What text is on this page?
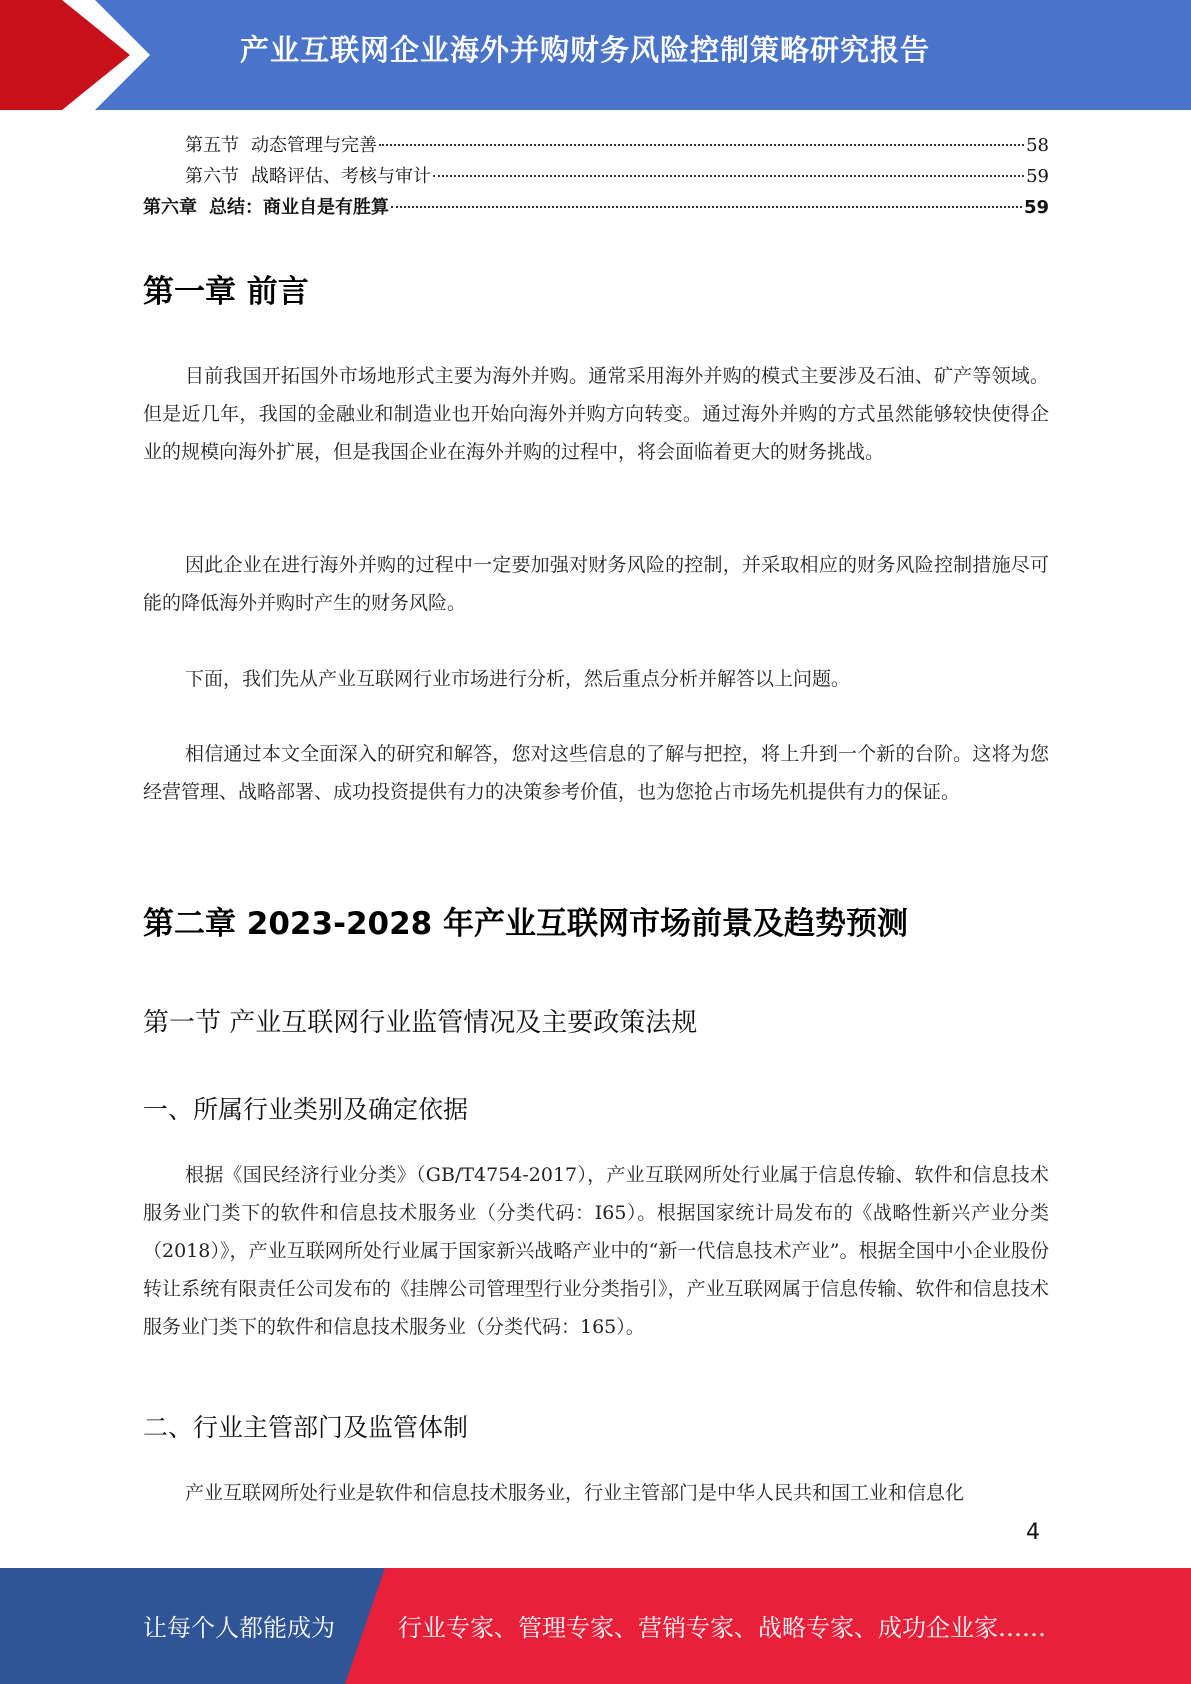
产业互联网企业海外并购财务风险控制策略研究报告
第五节 动态管理与完善	58
第六节 战略评估、考核与审计	59
第六章 总结：商业自是有胜算	59
第一章 前言

目前我国开拓国外市场地形式主要为海外并购。通常采用海外并购的模式主要涉及石油、矿产等领域。但是近几年，我国的金融业和制造业也开始向海外并购方向转变。通过海外并购的方式虽然能够较快使得企业的规模向海外扩展，但是我国企业在海外并购的过程中，将会面临着更大的财务挑战。

因此企业在进行海外并购的过程中一定要加强对财务风险的控制，并采取相应的财务风险控制措施尽可能的降低海外并购时产生的财务风险。

下面，我们先从产业互联网行业市场进行分析，然后重点分析并解答以上问题。

相信通过本文全面深入的研究和解答，您对这些信息的了解与把控，将上升到一个新的台阶。这将为您经营管理、战略部署、成功投资提供有力的决策参考价值，也为您抢占市场先机提供有力的保证。

第二章 2023-2028 年产业互联网市场前景及趋势预测
第一节 产业互联网行业监管情况及主要政策法规
一、所属行业类别及确定依据

根据《国民经济行业分类》（GB/T4754-2017），产业互联网所处行业属于信息传输、软件和信息技术服务业门类下的软件和信息技术服务业（分类代码：I65）。根据国家统计局发布的《战略性新兴产业分类（2018）》，产业互联网所处行业属于国家新兴战略产业中的“新一代信息技术产业”。根据全国中小企业股份转让系统有限责任公司发布的《挂牌公司管理型行业分类指引》，产业互联网属于信息传输、软件和信息技术服务业门类下的软件和信息技术服务业（分类代码：165）。

二、行业主管部门及监管体制

产业互联网所处行业是软件和信息技术服务业，行业主管部门是中华人民共和国工业和信息化

4
让每个人都能成为	行业专家、管理专家、营销专家、战略专家、成功企业家……
